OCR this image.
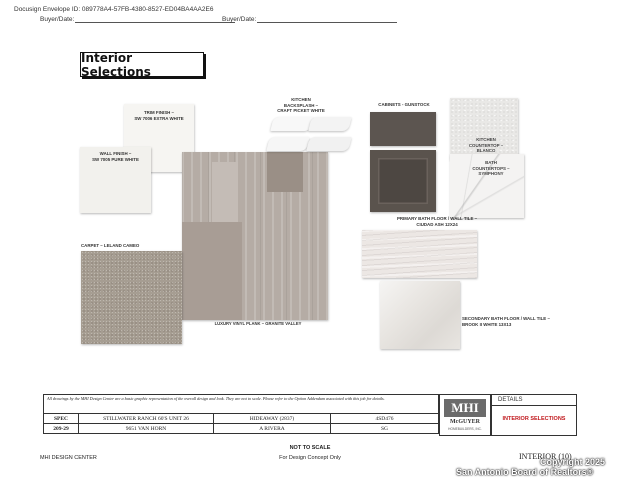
Docusign Envelope ID: 089778A4-57FB-4380-8527-ED04BA4AA2E6
Buyer/Date:	Buyer/Date:
Interior Selections
TRIM FINISH –
SW 7006 EXTRA WHITE
WALL FINISH –
SW 7005 PURE WHITE
LUXURY VINYL PLANK – GRANITE VALLEY
CARPET – LELAND CAMEO
KITCHEN
BACKSPLASH –
CRAFT PICKET WHITE
CABINETS - GUNSTOCK
KITCHEN
COUNTERTOP –
BLANCO
BATH
COUNTERTOPS –
SYMPHONY
PRIMARY BATH FLOOR / WALL TILE –
CIUDAD ASH 12X24
SECONDARY BATH FLOOR / WALL TILE –
BROOK II WHITE 13X13
All drawings by the MHI Design Center are a basic graphic representation of the overall design and look. They are not to scale. Please refer to the Option Addendum associated with this job for details.			
SPEC	STILLWATER RANCH 60'S UNIT 26	HIDEAWAY (2837)	4SD476
209-29	9651 VAN HORN	A RIVERA	SG
MHI
McGUYER
HOMEBUILDERS, INC.
DETAILS
INTERIOR SELECTIONS
MHI DESIGN CENTER
NOT TO SCALE
For Design Concept Only	INTERIOR (10)
Copyright 2025
San Antonio Board of Realtors®
